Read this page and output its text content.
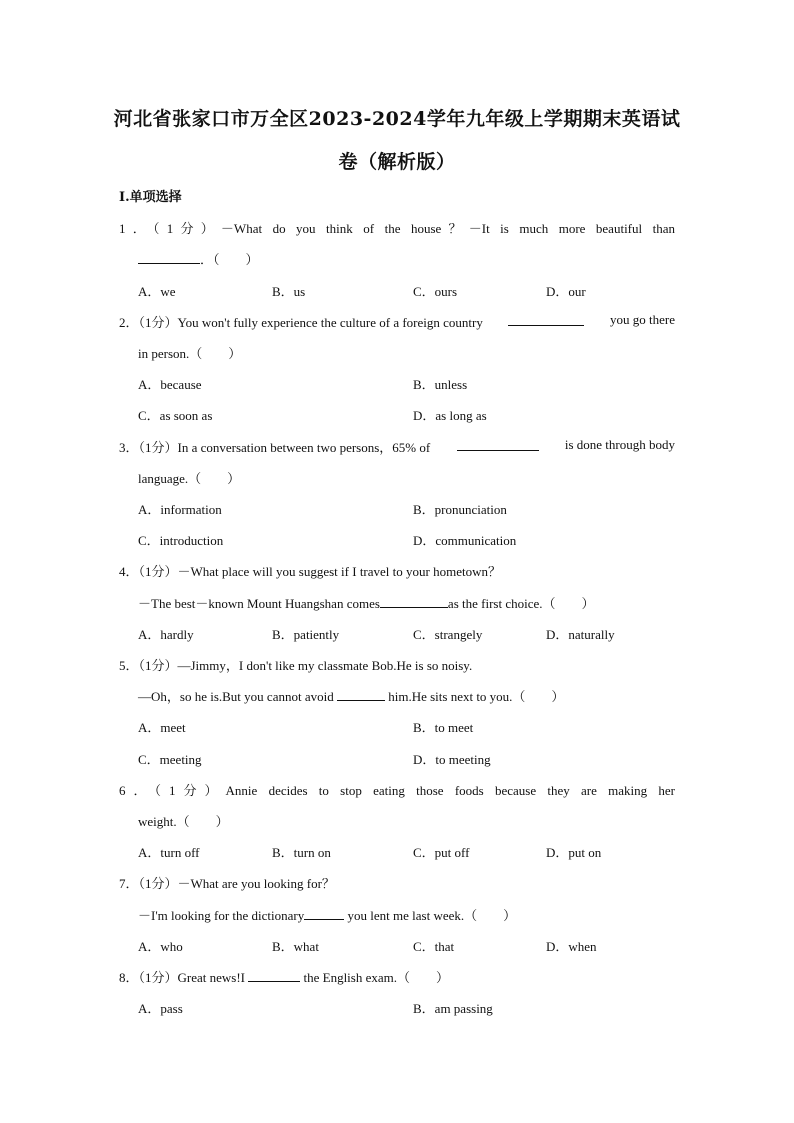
河北省张家口市万全区2023-2024学年九年级上学期期末英语试
卷（解析版）
I.单项选择
1．（1分）－What do you think of the house？－It is much more beautiful than
．（　　）
A．we	B．us	C．ours	D．our
2．（1分）You won't fully experience the culture of a foreign country	you go there
in person.（　　）
A．because	B．unless
C．as soon as	D．as long as
3．（1分）In a conversation between two persons，65% of	is done through body
language.（　　）
A．information	B．pronunciation
C．introduction	D．communication
4．（1分）－What place will you suggest if I travel to your hometown？
－The best－known Mount Huangshan comes	as the first choice.（　　）
A．hardly	B．patiently	C．strangely	D．naturally
5．（1分）—Jimmy，I don't like my classmate Bob.He is so noisy.
—Oh，so he is.But you cannot avoid	him.He sits next to you.（　　）
A．meet	B．to meet
C．meeting	D．to meeting
6．（1分）Annie decides to stop eating those foods because they are making her
weight.（　　）
A．turn off	B．turn on	C．put off	D．put on
7．（1分）－What are you looking for？
－I'm looking for the dictionary	you lent me last week.（　　）
A．who	B．what	C．that	D．when
8．（1分）Great news!I	the English exam.（　　）
A．pass	B．am passing
